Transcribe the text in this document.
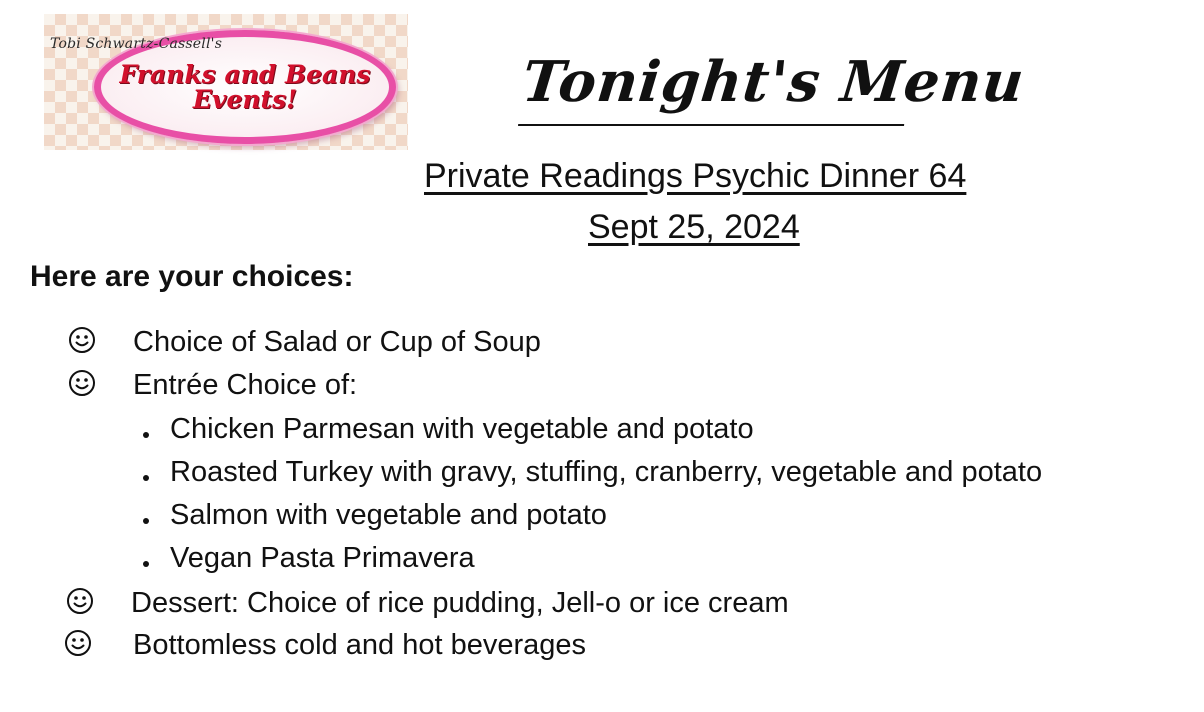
Tobi Schwartz-Cassell's
Franks and Beans
Events!	Tonight's Menu
Private Readings Psychic Dinner 64
Sept 25, 2024
Here are your choices:
Choice of Salad or Cup of Soup
Entrée Choice of:
Chicken Parmesan with vegetable and potato
Roasted Turkey with gravy, stuffing, cranberry, vegetable and potato
Salmon with vegetable and potato
Vegan Pasta Primavera
Dessert: Choice of rice pudding, Jell-o or ice cream
Bottomless cold and hot beverages
